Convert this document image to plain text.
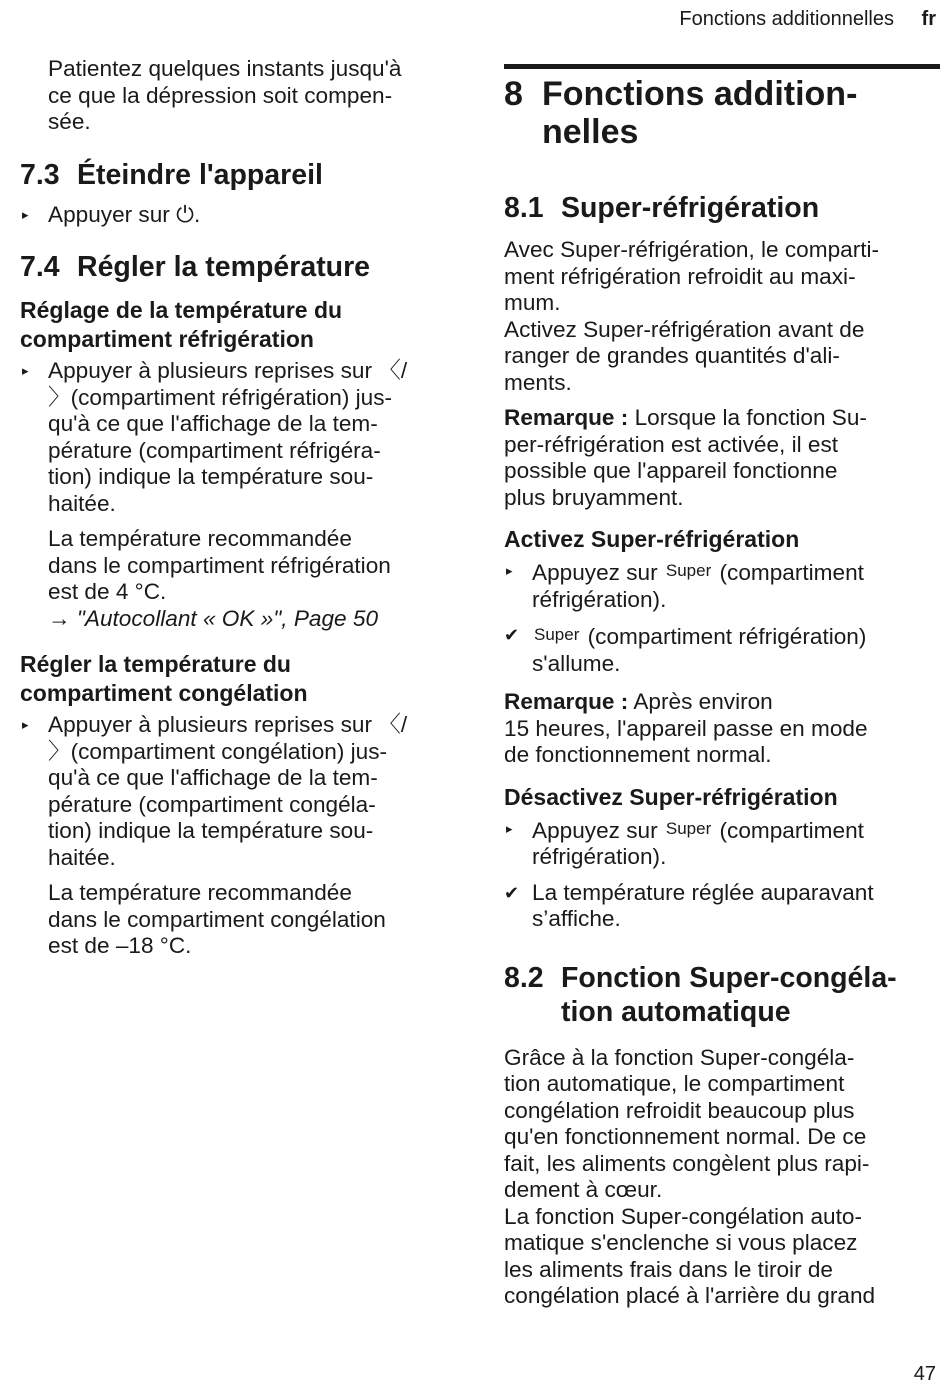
Fonctions additionnelles fr

Patientez quelques instants jusqu'à

ce que la dépression soit compen-

sée.

7.3 Éteindre l'appareil
▸ Appuyer sur ⏻.
7.4 Régler la température
Réglage de la température du
compartiment réfrigération
▸ Appuyer à plusieurs reprises sur 〈/
〉(compartiment réfrigération) jus-
qu'à ce que l'affichage de la tem-
pérature (compartiment réfrigéra-
tion) indique la température sou-
haitée.

La température recommandée

dans le compartiment réfrigération

est de 4 °C.

→ "Autocollant « OK »", Page 50

Régler la température du
compartiment congélation
▸ Appuyer à plusieurs reprises sur 〈/
〉(compartiment congélation) jus-
qu'à ce que l'affichage de la tem-
pérature (compartiment congéla-
tion) indique la température sou-
haitée.

La température recommandée

dans le compartiment congélation

est de –18 °C.

8 Fonctions addition-
nelles
8.1 Super-réfrigération

Avec Super-réfrigération, le comparti-

ment réfrigération refroidit au maxi-

mum.

Activez Super-réfrigération avant de

ranger de grandes quantités d'ali-

ments.

Remarque : Lorsque la fonction Su-

per-réfrigération est activée, il est

possible que l'appareil fonctionne

plus bruyamment.

Activez Super-réfrigération
▸ Appuyez sur Super (compartiment
réfrigération).
✔ Super (compartiment réfrigération)
s'allume.

Remarque : Après environ

15 heures, l'appareil passe en mode

de fonctionnement normal.

Désactivez Super-réfrigération
▸ Appuyez sur Super (compartiment
réfrigération).
✔ La température réglée auparavant
s’affiche.
8.2 Fonction Super-congéla-
tion automatique

Grâce à la fonction Super-congéla-

tion automatique, le compartiment

congélation refroidit beaucoup plus

qu'en fonctionnement normal. De ce

fait, les aliments congèlent plus rapi-

dement à cœur.

La fonction Super-congélation auto-

matique s'enclenche si vous placez

les aliments frais dans le tiroir de

congélation placé à l'arrière du grand

47
